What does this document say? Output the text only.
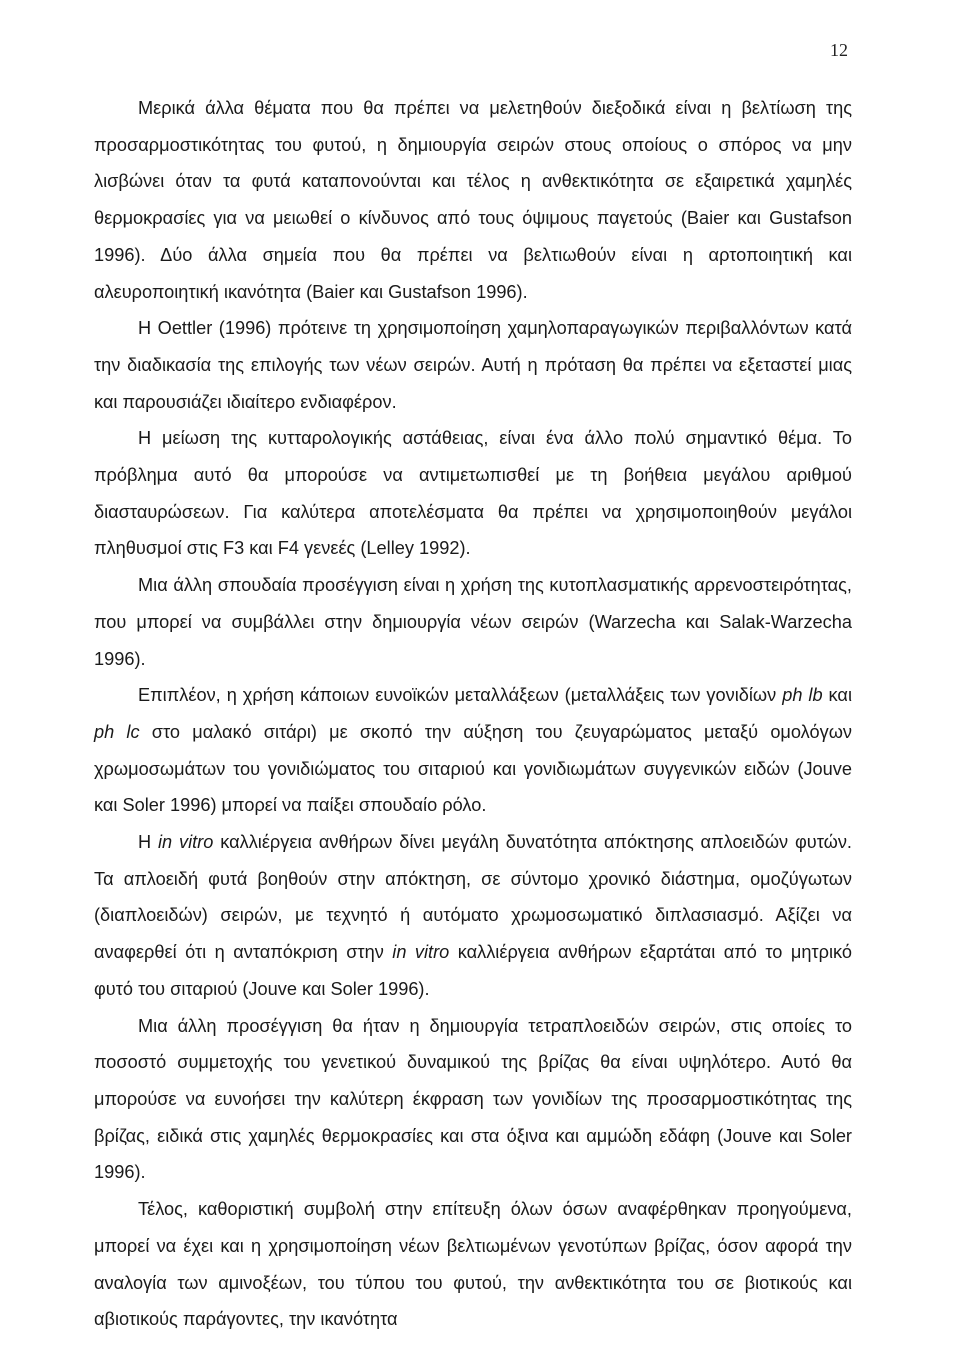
12

Μερικά άλλα θέματα που θα πρέπει να μελετηθούν διεξοδικά είναι η βελτίωση της προσαρμοστικότητας του φυτού, η δημιουργία σειρών στους οποίους ο σπόρος να μην λισβώνει όταν τα φυτά καταπονούνται και τέλος η ανθεκτικότητα σε εξαιρετικά χαμηλές θερμοκρασίες για να μειωθεί ο κίνδυνος από τους όψιμους παγετούς (Baier και Gustafson 1996). Δύο άλλα σημεία που θα πρέπει να βελτιωθούν είναι η αρτοποιητική και αλευροποιητική ικανότητα (Baier και Gustafson 1996).

Η Oettler (1996) πρότεινε τη χρησιμοποίηση χαμηλοπαραγωγικών περιβαλλόντων κατά την διαδικασία της επιλογής των νέων σειρών. Αυτή η πρόταση θα πρέπει να εξεταστεί μιας και παρουσιάζει ιδιαίτερο ενδιαφέρον.

Η μείωση της κυτταρολογικής αστάθειας, είναι ένα άλλο πολύ σημαντικό θέμα. Το πρόβλημα αυτό θα μπορούσε να αντιμετωπισθεί με τη βοήθεια μεγάλου αριθμού διασταυρώσεων. Για καλύτερα αποτελέσματα θα πρέπει να χρησιμοποιηθούν μεγάλοι πληθυσμοί στις F3 και F4 γενεές (Lelley 1992).

Μια άλλη σπουδαία προσέγγιση είναι η χρήση της κυτοπλασματικής αρρενοστειρότητας, που μπορεί να συμβάλλει στην δημιουργία νέων σειρών (Warzecha και Salak-Warzecha 1996).

Επιπλέον, η χρήση κάποιων ευνοϊκών μεταλλάξεων (μεταλλάξεις των γονιδίων ph lb και ph lc στο μαλακό σιτάρι) με σκοπό την αύξηση του ζευγαρώματος μεταξύ ομολόγων χρωμοσωμάτων του γονιδιώματος του σιταριού και γονιδιωμάτων συγγενικών ειδών (Jouve και Soler 1996) μπορεί να παίξει σπουδαίο ρόλο.

Η in vitro καλλιέργεια ανθήρων δίνει μεγάλη δυνατότητα απόκτησης απλοειδών φυτών. Τα απλοειδή φυτά βοηθούν στην απόκτηση, σε σύντομο χρονικό διάστημα, ομοζύγωτων (διαπλοειδών) σειρών, με τεχνητό ή αυτόματο χρωμοσωματικό διπλασιασμό. Αξίζει να αναφερθεί ότι η ανταπόκριση στην in vitro καλλιέργεια ανθήρων εξαρτάται από το μητρικό φυτό του σιταριού (Jouve και Soler 1996).

Μια άλλη προσέγγιση θα ήταν η δημιουργία τετραπλοειδών σειρών, στις οποίες το ποσοστό συμμετοχής του γενετικού δυναμικού της βρίζας θα είναι υψηλότερο. Αυτό θα μπορούσε να ευνοήσει την καλύτερη έκφραση των γονιδίων της προσαρμοστικότητας της βρίζας, ειδικά στις χαμηλές θερμοκρασίες και στα όξινα και αμμώδη εδάφη (Jouve και Soler 1996).

Τέλος, καθοριστική συμβολή στην επίτευξη όλων όσων αναφέρθηκαν προηγούμενα, μπορεί να έχει και η χρησιμοποίηση νέων βελτιωμένων γενοτύπων βρίζας, όσον αφορά την αναλογία των αμινοξέων, του τύπου του φυτού, την ανθεκτικότητα του σε βιοτικούς και αβιοτικούς παράγοντες, την ικανότητα
